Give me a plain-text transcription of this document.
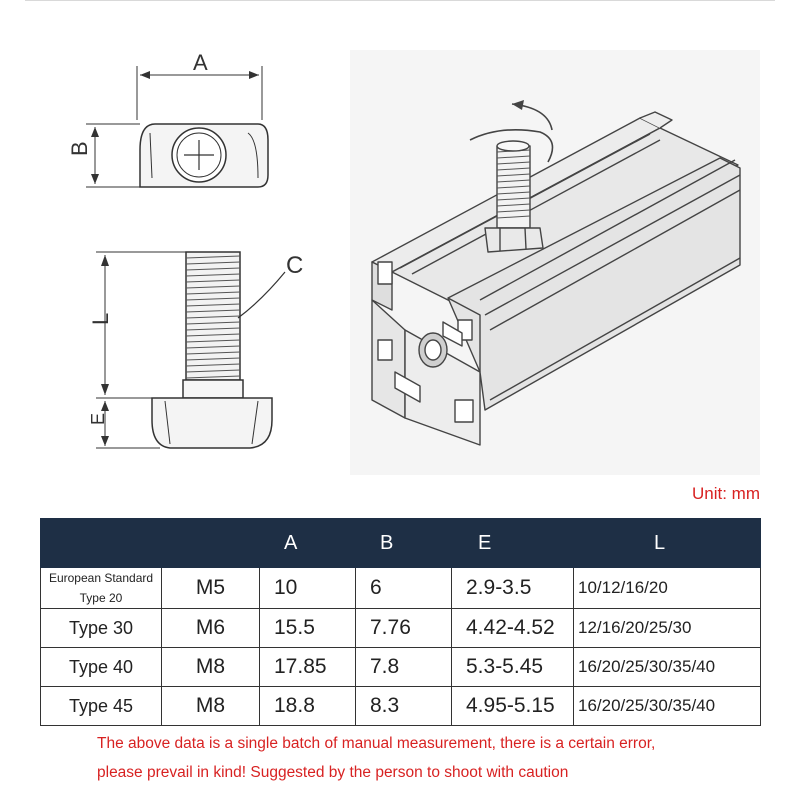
A
B
C
L
E
Unit: mm
		A	B	E	L
European Standard Type 20	M5	10	6	2.9-3.5	10/12/16/20
Type 30	M6	15.5	7.76	4.42-4.52	12/16/20/25/30
Type 40	M8	17.85	7.8	5.3-5.45	16/20/25/30/35/40
Type 45	M8	18.8	8.3	4.95-5.15	16/20/25/30/35/40
The above data is a single batch of manual measurement, there is a certain error,
please prevail in kind! Suggested by the person to shoot with caution
